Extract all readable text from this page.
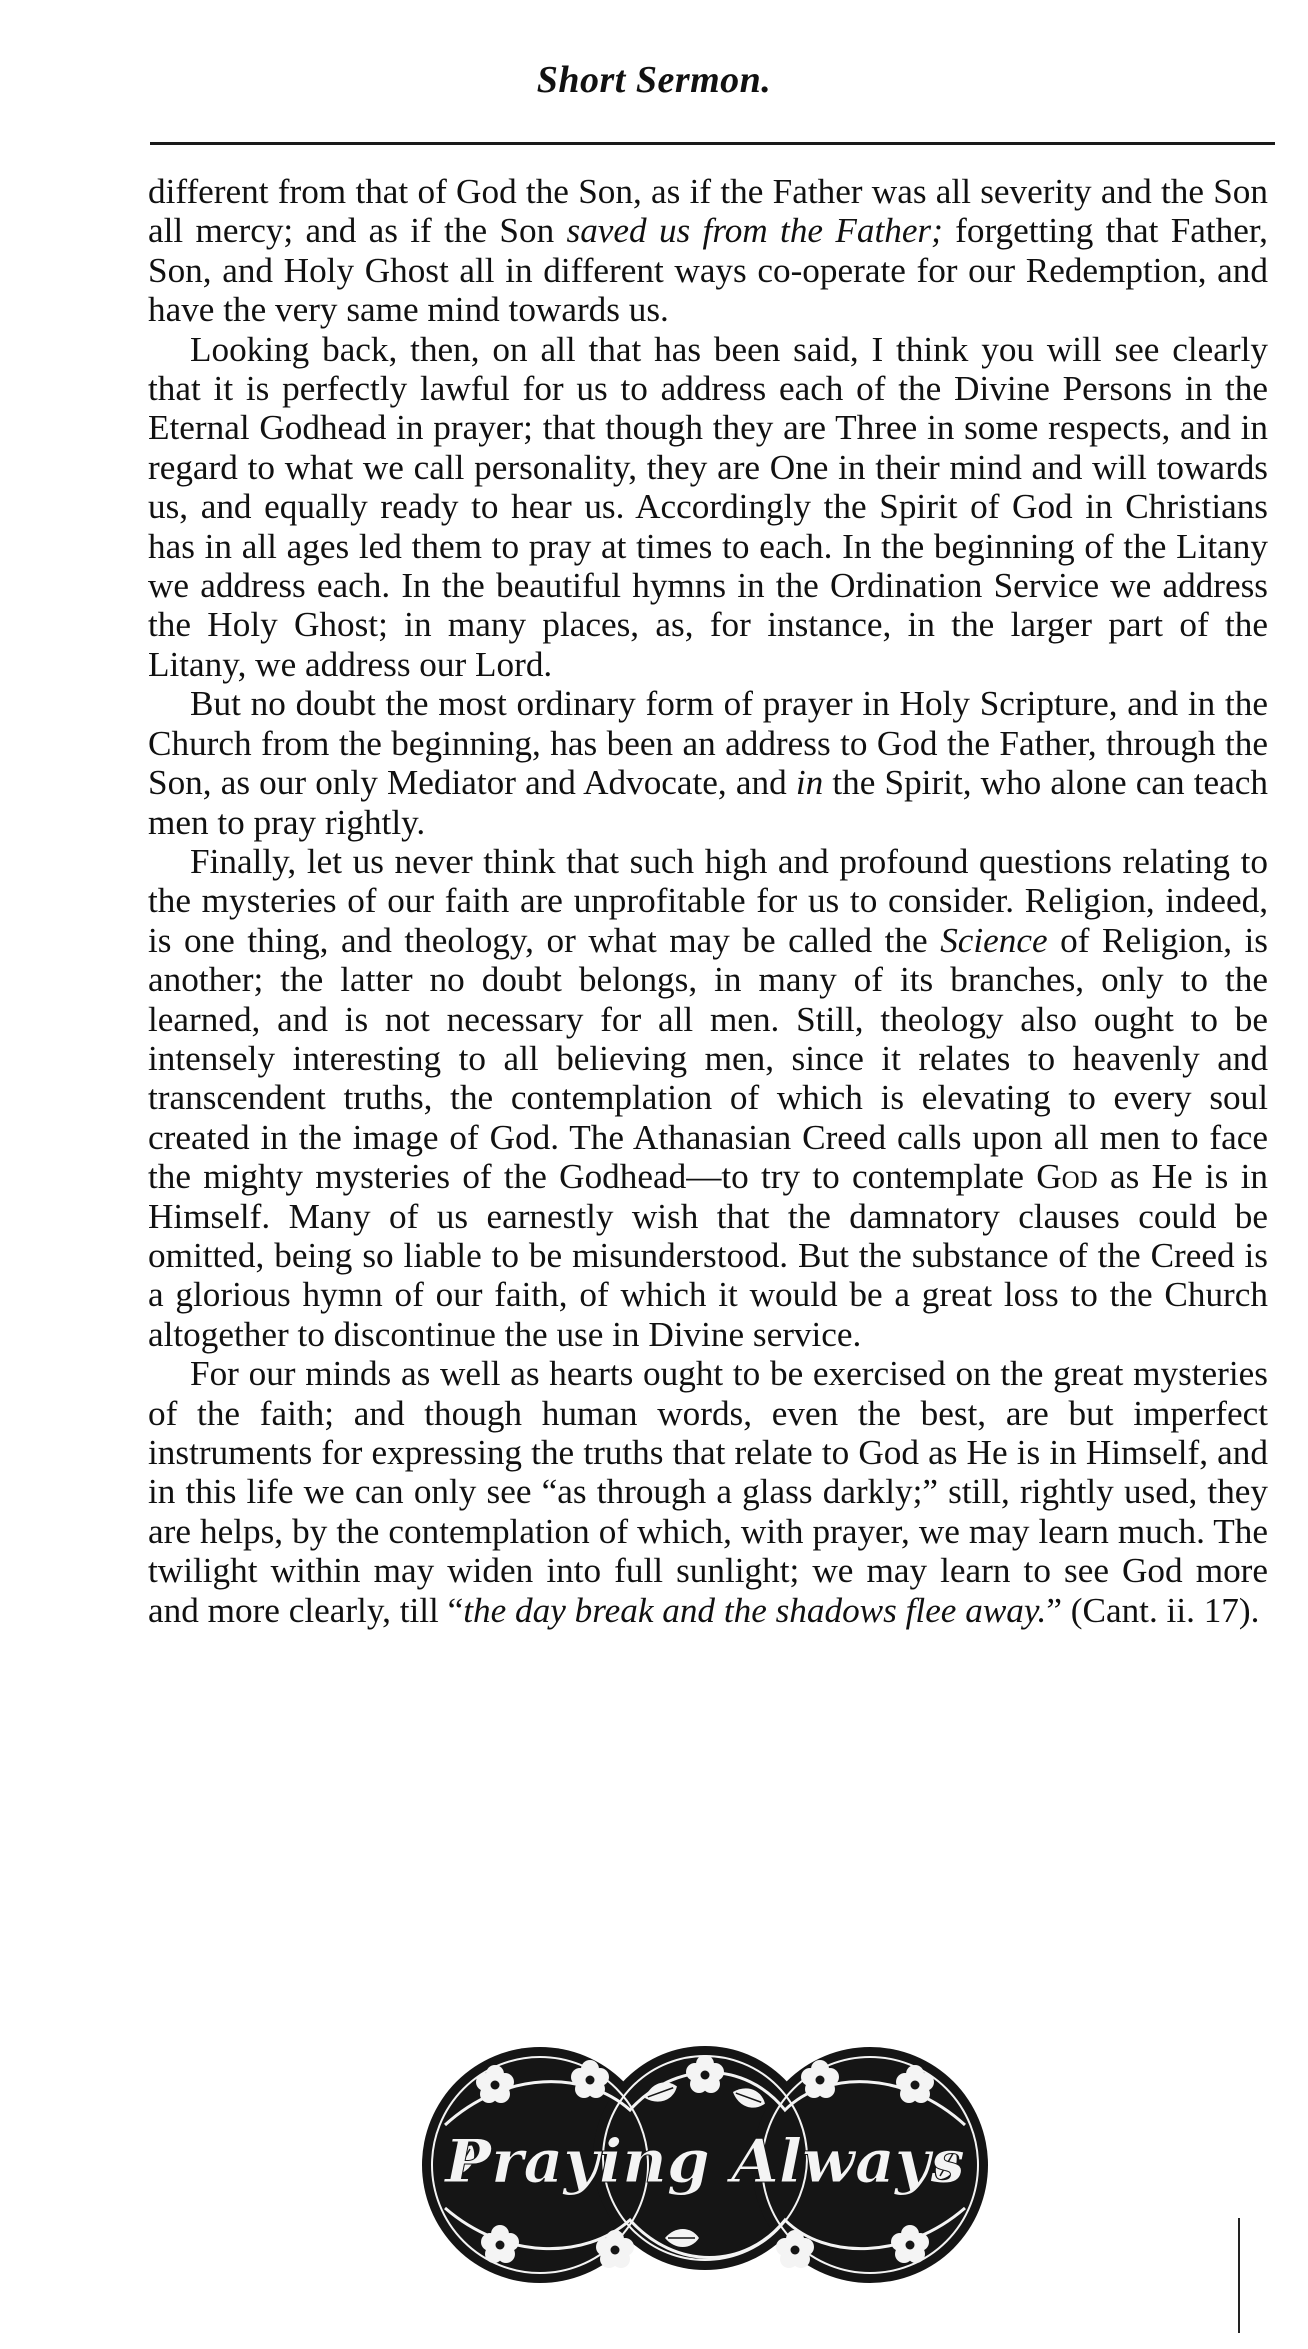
Short Sermon.

different from that of God the Son, as if the Father was all severity and the Son all mercy; and as if the Son saved us from the Father; forgetting that Father, Son, and Holy Ghost all in different ways co-operate for our Redemption, and have the very same mind towards us.

Looking back, then, on all that has been said, I think you will see clearly that it is perfectly lawful for us to address each of the Divine Persons in the Eternal Godhead in prayer; that though they are Three in some respects, and in regard to what we call personality, they are One in their mind and will towards us, and equally ready to hear us. Accordingly the Spirit of God in Christians has in all ages led them to pray at times to each. In the beginning of the Litany we address each. In the beautiful hymns in the Ordination Service we address the Holy Ghost; in many places, as, for instance, in the larger part of the Litany, we address our Lord.

But no doubt the most ordinary form of prayer in Holy Scripture, and in the Church from the beginning, has been an address to God the Father, through the Son, as our only Mediator and Advocate, and in the Spirit, who alone can teach men to pray rightly.

Finally, let us never think that such high and profound questions relating to the mysteries of our faith are unprofitable for us to consider. Religion, indeed, is one thing, and theology, or what may be called the Science of Religion, is another; the latter no doubt belongs, in many of its branches, only to the learned, and is not necessary for all men. Still, theology also ought to be intensely interesting to all believing men, since it relates to heavenly and transcendent truths, the contemplation of which is elevating to every soul created in the image of God. The Athanasian Creed calls upon all men to face the mighty mysteries of the Godhead—to try to contemplate God as He is in Himself. Many of us earnestly wish that the damnatory clauses could be omitted, being so liable to be misunderstood. But the substance of the Creed is a glorious hymn of our faith, of which it would be a great loss to the Church altogether to discontinue the use in Divine service.

For our minds as well as hearts ought to be exercised on the great mysteries of the faith; and though human words, even the best, are but imperfect instruments for expressing the truths that relate to God as He is in Himself, and in this life we can only see “as through a glass darkly;” still, rightly used, they are helps, by the contemplation of which, with prayer, we may learn much. The twilight within may widen into full sunlight; we may learn to see God more and more clearly, till “the day break and the shadows flee away.” (Cant. ii. 17).

Praying Always
